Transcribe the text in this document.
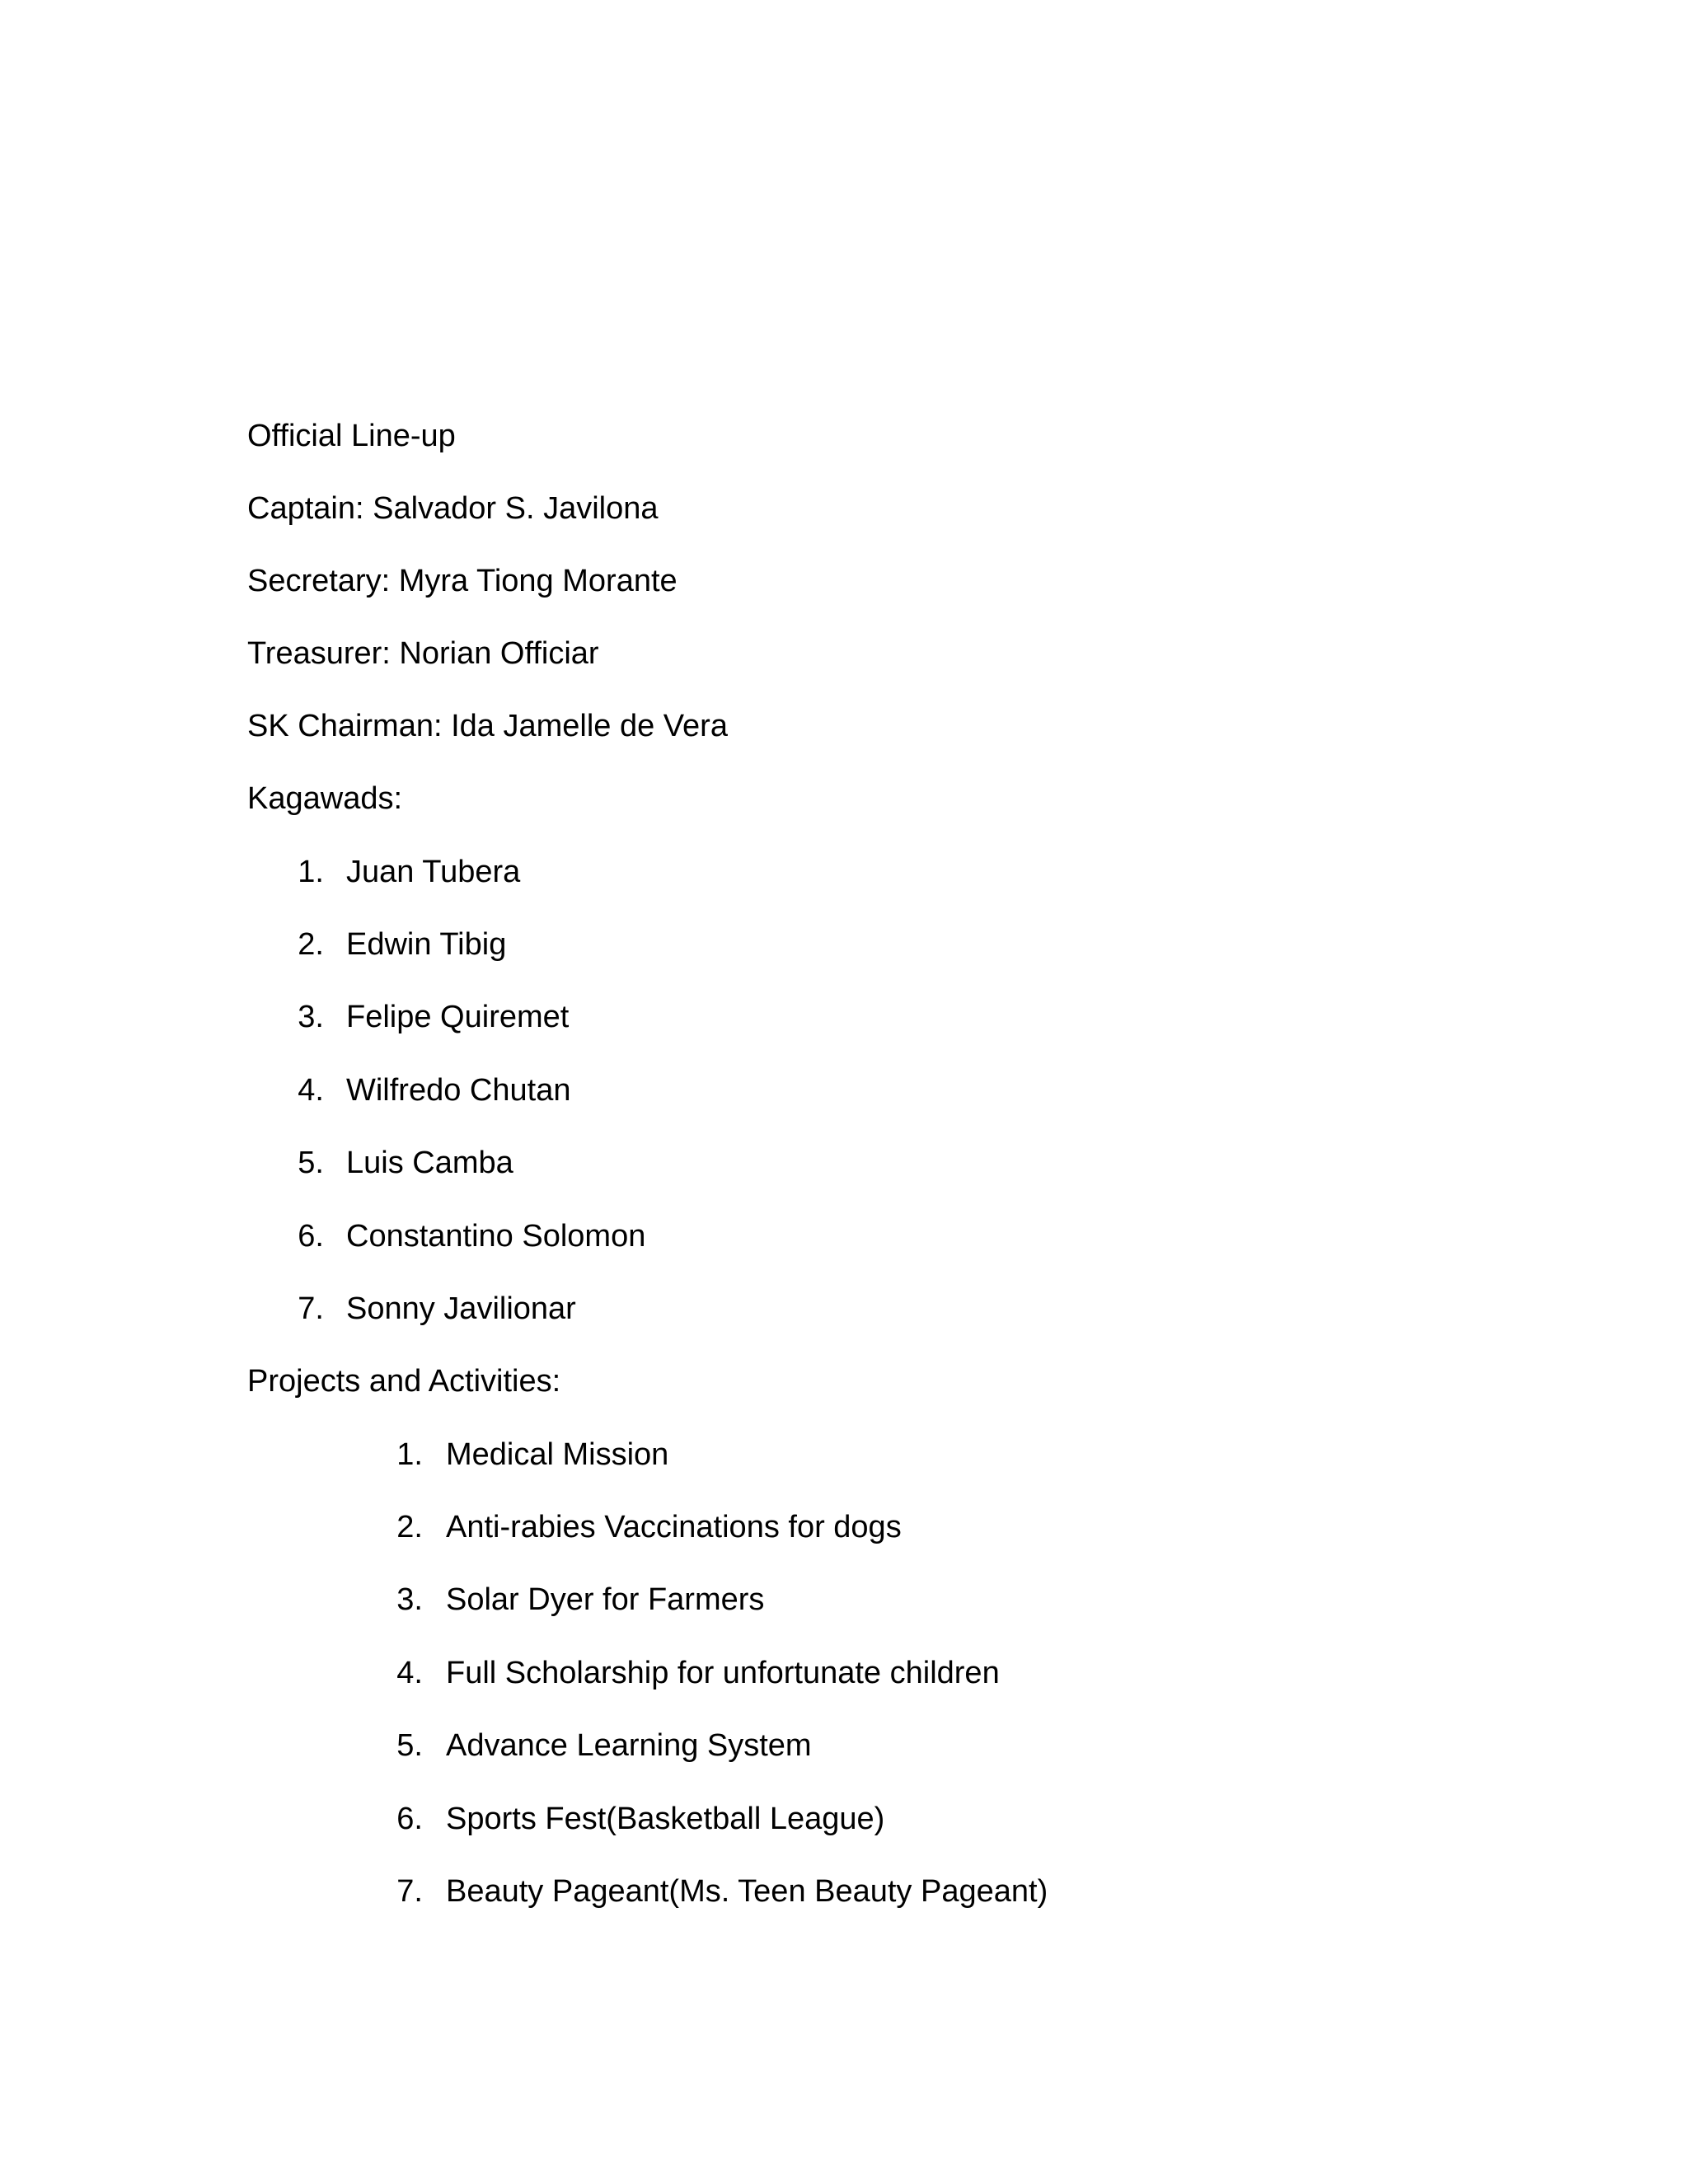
Official Line-up
Captain: Salvador S. Javilona
Secretary: Myra Tiong Morante
Treasurer: Norian Officiar
SK Chairman: Ida Jamelle de Vera
Kagawads:
1. Juan Tubera
2. Edwin Tibig
3. Felipe Quiremet
4. Wilfredo Chutan
5. Luis Camba
6. Constantino Solomon
7. Sonny Javilionar
Projects and Activities:
1. Medical Mission
2. Anti-rabies Vaccinations for dogs
3. Solar Dyer for Farmers
4. Full Scholarship for unfortunate children
5. Advance Learning System
6. Sports Fest(Basketball League)
7. Beauty Pageant(Ms. Teen Beauty Pageant)
